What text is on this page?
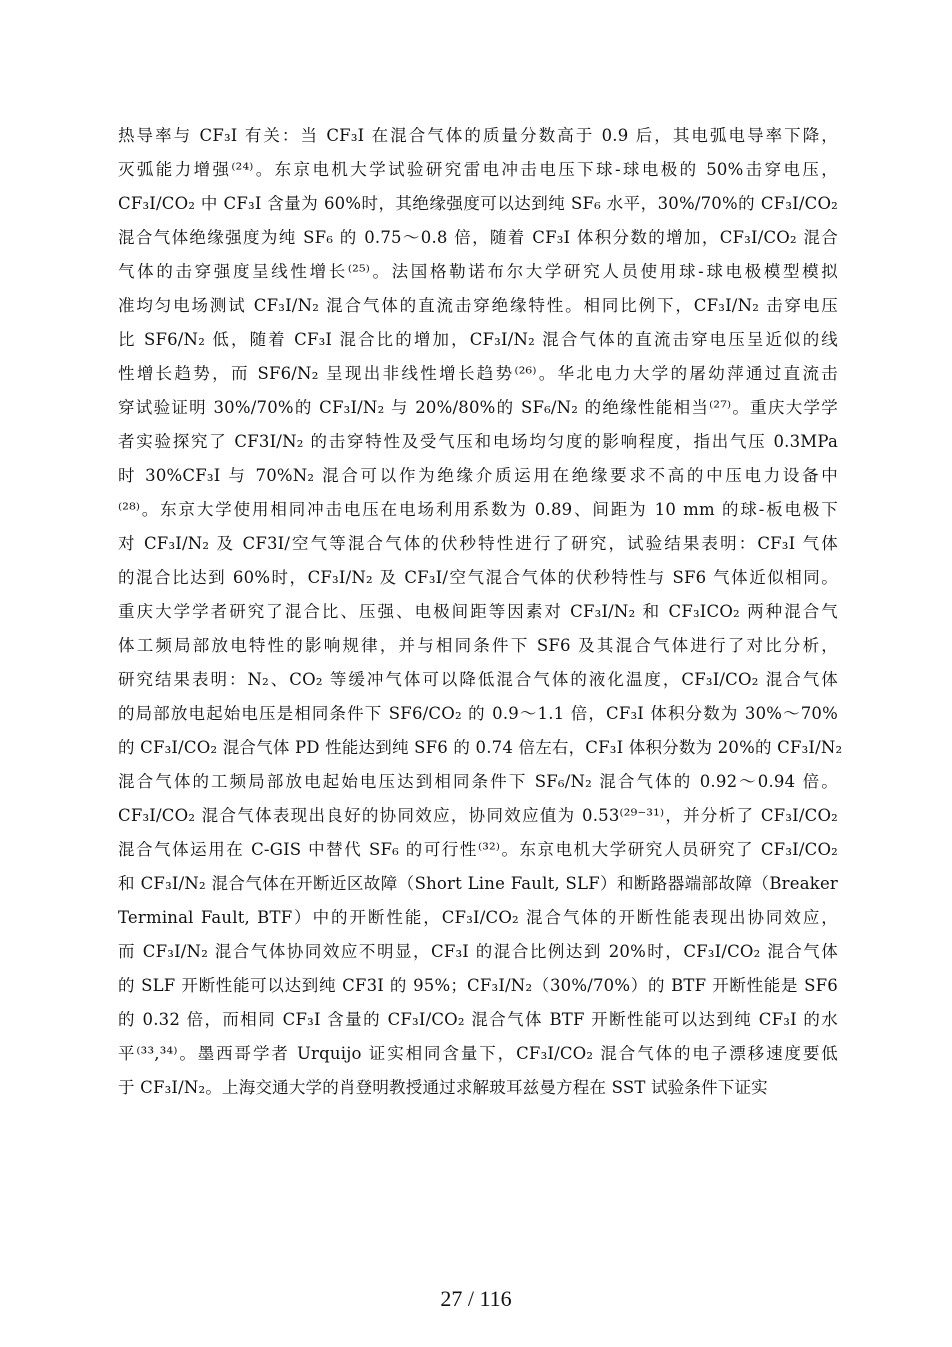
热导率与 CF₃I 有关：当 CF₃I 在混合气体的质量分数高于 0.9 后，其电弧电导率下降，
灭弧能力增强⁽²⁴⁾。东京电机大学试验研究雷电冲击电压下球-球电极的 50%击穿电压，
CF₃I/CO₂ 中 CF₃I 含量为 60%时，其绝缘强度可以达到纯 SF₆ 水平，30%/70%的 CF₃I/CO₂
混合气体绝缘强度为纯 SF₆ 的 0.75～0.8 倍，随着 CF₃I 体积分数的增加，CF₃I/CO₂ 混合
气体的击穿强度呈线性增长⁽²⁵⁾。法国格勒诺布尔大学研究人员使用球-球电极模型模拟
准均匀电场测试 CF₃I/N₂ 混合气体的直流击穿绝缘特性。相同比例下，CF₃I/N₂ 击穿电压
比 SF6/N₂ 低，随着 CF₃I 混合比的增加，CF₃I/N₂ 混合气体的直流击穿电压呈近似的线
性增长趋势，而 SF6/N₂ 呈现出非线性增长趋势⁽²⁶⁾。华北电力大学的屠幼萍通过直流击
穿试验证明 30%/70%的 CF₃I/N₂ 与 20%/80%的 SF₆/N₂ 的绝缘性能相当⁽²⁷⁾。重庆大学学
者实验探究了 CF3I/N₂ 的击穿特性及受气压和电场均匀度的影响程度，指出气压 0.3MPa
时 30%CF₃I 与 70%N₂ 混合可以作为绝缘介质运用在绝缘要求不高的中压电力设备中
⁽²⁸⁾。东京大学使用相同冲击电压在电场利用系数为 0.89、间距为 10 mm 的球-板电极下
对 CF₃I/N₂ 及 CF3I/空气等混合气体的伏秒特性进行了研究，试验结果表明：CF₃I 气体
的混合比达到 60%时，CF₃I/N₂ 及 CF₃I/空气混合气体的伏秒特性与 SF6 气体近似相同。
重庆大学学者研究了混合比、压强、电极间距等因素对 CF₃I/N₂ 和 CF₃ICO₂ 两种混合气
体工频局部放电特性的影响规律，并与相同条件下 SF6 及其混合气体进行了对比分析，
研究结果表明：N₂、CO₂ 等缓冲气体可以降低混合气体的液化温度，CF₃I/CO₂ 混合气体
的局部放电起始电压是相同条件下 SF6/CO₂ 的 0.9～1.1 倍，CF₃I 体积分数为 30%～70%
的 CF₃I/CO₂ 混合气体 PD 性能达到纯 SF6 的 0.74 倍左右，CF₃I 体积分数为 20%的 CF₃I/N₂
混合气体的工频局部放电起始电压达到相同条件下 SF₆/N₂ 混合气体的 0.92～0.94 倍。
CF₃I/CO₂ 混合气体表现出良好的协同效应，协同效应值为 0.53⁽²⁹⁻³¹⁾，并分析了 CF₃I/CO₂
混合气体运用在 C-GIS 中替代 SF₆ 的可行性⁽³²⁾。东京电机大学研究人员研究了 CF₃I/CO₂
和 CF₃I/N₂ 混合气体在开断近区故障（Short Line Fault, SLF）和断路器端部故障（Breaker
Terminal Fault, BTF）中的开断性能，CF₃I/CO₂ 混合气体的开断性能表现出协同效应，
而 CF₃I/N₂ 混合气体协同效应不明显，CF₃I 的混合比例达到 20%时，CF₃I/CO₂ 混合气体
的 SLF 开断性能可以达到纯 CF3I 的 95%；CF₃I/N₂（30%/70%）的 BTF 开断性能是 SF6
的 0.32 倍，而相同 CF₃I 含量的 CF₃I/CO₂ 混合气体 BTF 开断性能可以达到纯 CF₃I 的水
平⁽³³,³⁴⁾。墨西哥学者 Urquijo 证实相同含量下，CF₃I/CO₂ 混合气体的电子漂移速度要低
于 CF₃I/N₂。上海交通大学的肖登明教授通过求解玻耳兹曼方程在 SST 试验条件下证实
27 / 116
